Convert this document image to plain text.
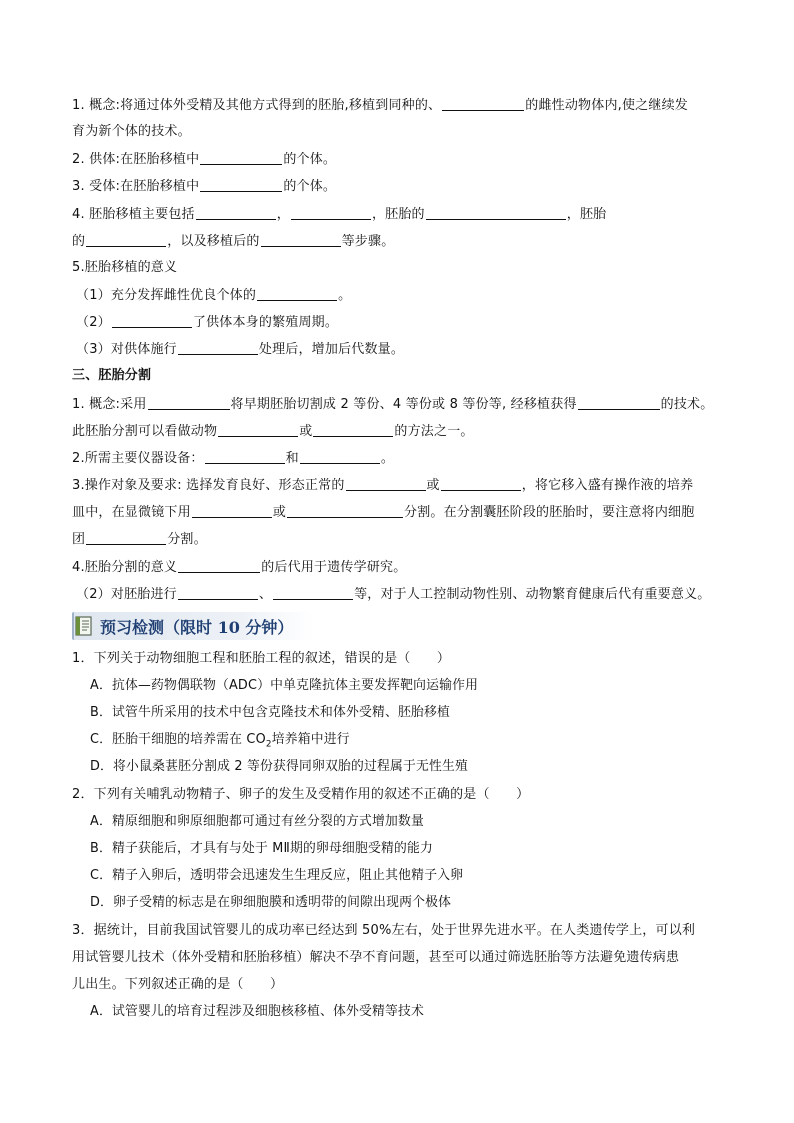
1. 概念:将通过体外受精及其他方式得到的胚胎,移植到同种的、	的雌性动物体内,使之继续发
育为新个体的技术。
2. 供体:在胚胎移植中	的个体。
3. 受体:在胚胎移植中	的个体。
4. 胚胎移植主要包括	，	，胚胎的	，胚胎
的	，以及移植后的	等步骤。
5.胚胎移植的意义
（1）充分发挥雌性优良个体的	。
（2）	了供体本身的繁殖周期。
（3）对供体施行	处理后，增加后代数量。
三、胚胎分割
1. 概念:采用	将早期胚胎切割成 2 等份、4 等份或 8 等份等, 经移植获得	的技术。
此胚胎分割可以看做动物	或	的方法之一。
2.所需主要仪器设备：	和	。
3.操作对象及要求: 选择发育良好、形态正常的	或	，将它移入盛有操作液的培养
皿中，在显微镜下用	或	分割。在分割囊胚阶段的胚胎时，要注意将内细胞
团	分割。
4.胚胎分割的意义	的后代用于遗传学研究。
（2）对胚胎进行	、	等，对于人工控制动物性别、动物繁育健康后代有重要意义。
预习检测（限时 10 分钟）
1．下列关于动物细胞工程和胚胎工程的叙述，错误的是（　　）
A．抗体—药物偶联物（ADC）中单克隆抗体主要发挥靶向运输作用
B．试管牛所采用的技术中包含克隆技术和体外受精、胚胎移植
C．胚胎干细胞的培养需在 $CO_2$培养箱中进行
D．将小鼠桑葚胚分割成 2 等份获得同卵双胎的过程属于无性生殖
2．下列有关哺乳动物精子、卵子的发生及受精作用的叙述不正确的是（　　）
A．精原细胞和卵原细胞都可通过有丝分裂的方式增加数量
B．精子获能后，才具有与处于 MⅡ期的卵母细胞受精的能力
C．精子入卵后，透明带会迅速发生生理反应，阻止其他精子入卵
D．卵子受精的标志是在卵细胞膜和透明带的间隙出现两个极体
3．据统计，目前我国试管婴儿的成功率已经达到 50%左右，处于世界先进水平。在人类遗传学上，可以利
用试管婴儿技术（体外受精和胚胎移植）解决不孕不育问题，甚至可以通过筛选胚胎等方法避免遗传病患
儿出生。下列叙述正确的是（　　）
A．试管婴儿的培育过程涉及细胞核移植、体外受精等技术
